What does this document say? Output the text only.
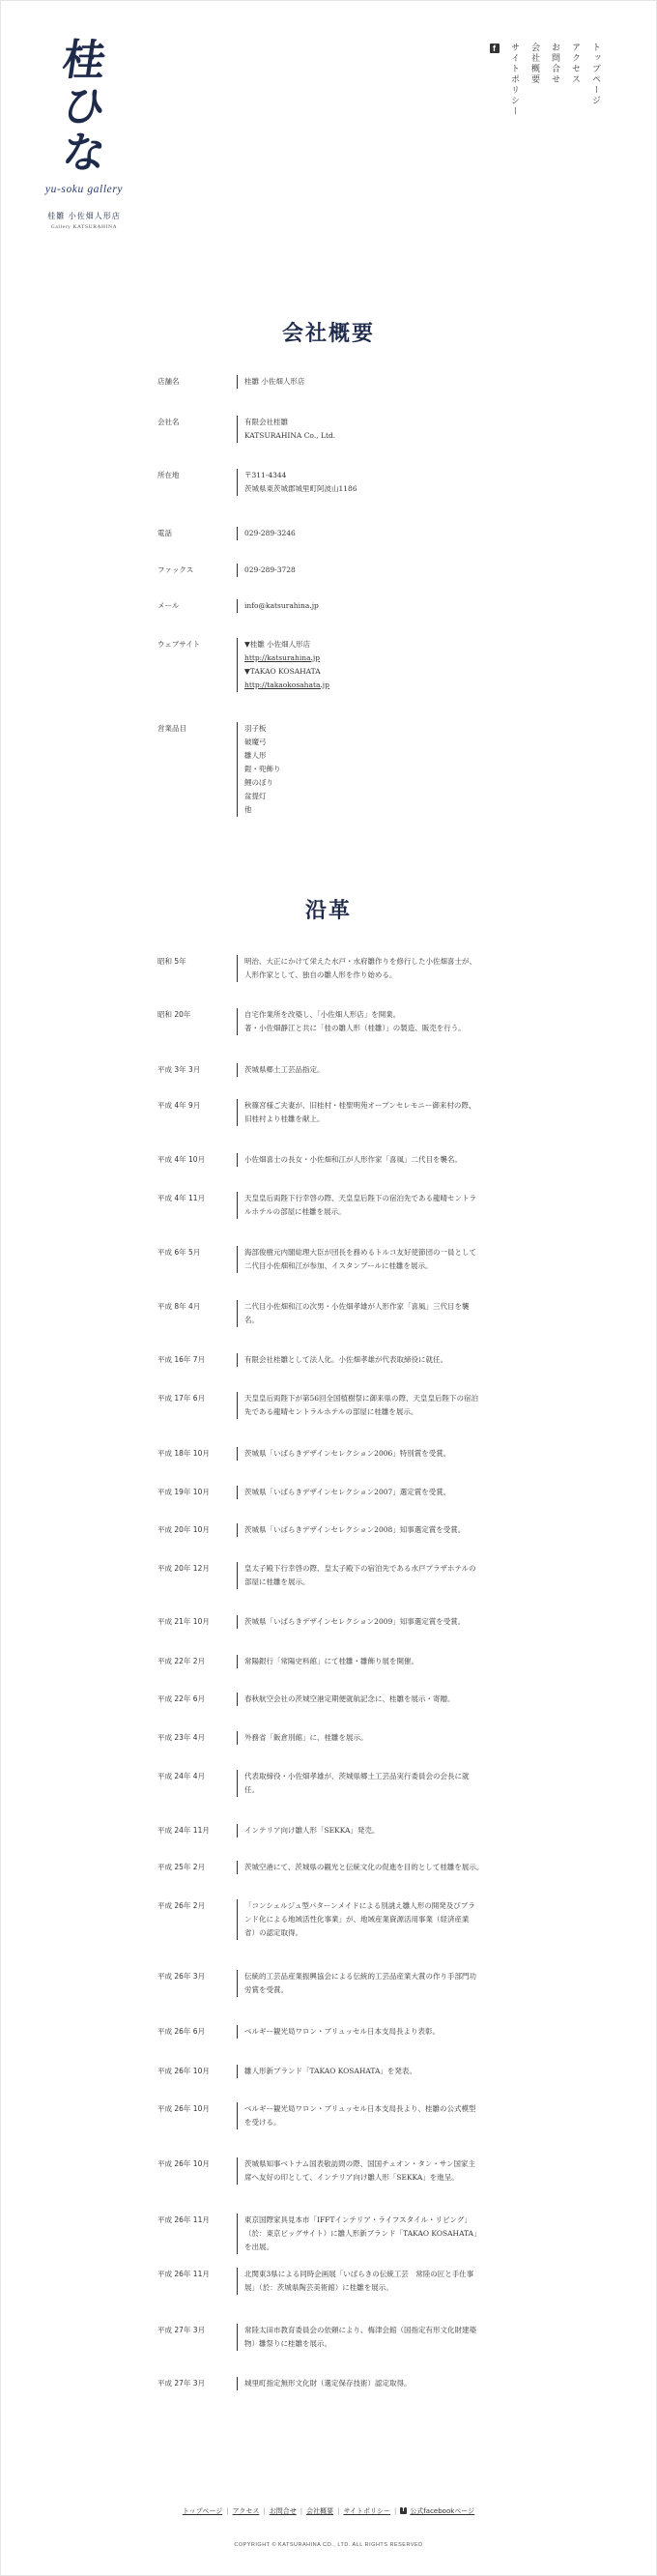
桂
ひ
な
yu-soku gallery
桂雛 小佐畑人形店
Gallery KATSURAHINA
トップページ
アクセス
お問合せ
会社概要
サイトポリシー
f
会社概要
店舗名	桂雛 小佐畑人形店
会社名	有限会社桂雛
KATSURAHINA Co., Ltd.
所在地	〒311-4344
茨城県東茨城郡城里町阿波山1186
電話	029-289-3246
ファックス	029-289-3728
メール	info@katsurahina.jp
ウェブサイト	▼桂雛 小佐畑人形店
http://katsurahina.jp
▼TAKAO KOSAHATA
http://takaokosahata.jp
営業品目	羽子板
破魔弓
雛人形
鎧・兜飾り
鯉のぼり
盆提灯
他
沿革
昭和 5年	明治、大正にかけて栄えた水戸・水府雛作りを修行した小佐畑喜士が、
人形作家として、独自の雛人形を作り始める。
昭和 20年	自宅作業所を改築し、「小佐畑人形店」を開業。
著・小佐畑静江と共に「桂の雛人形（桂雛）」の製造、販売を行う。
平成 3年 3月	茨城県郷土工芸品指定。
平成 4年 9月	秋篠宮様ご夫妻が、旧桂村・桂聖明苑オープンセレモニー御来村の際、
旧桂村より桂雛を献上。
平成 4年 10月	小佐畑喜士の長女・小佐畑和江が人形作家「喜風」二代目を襲名。
平成 4年 11月	天皇皇后両陛下行幸啓の際、天皇皇后陛下の宿泊先である龍晴セントラ
ルホテルの部屋に桂雛を展示。
平成 6年 5月	海部俊樹元内閣総理大臣が団長を務めるトルコ友好使節団の一員として
二代目小佐畑和江が参加、イスタンブールに桂雛を展示。
平成 8年 4月	二代目小佐畑和江の次男・小佐畑孝雄が人形作家「喜風」三代目を襲
名。
平成 16年 7月	有限会社桂雛として法人化。小佐畑孝雄が代表取締役に就任。
平成 17年 6月	天皇皇后両陛下が第56回全国植樹祭に御来県の際、天皇皇后陛下の宿泊
先である龍晴セントラルホテルの部屋に桂雛を展示。
平成 18年 10月	茨城県「いばらきデザインセレクション2006」特別賞を受賞。
平成 19年 10月	茨城県「いばらきデザインセレクション2007」選定賞を受賞。
平成 20年 10月	茨城県「いばらきデザインセレクション2008」知事選定賞を受賞。
平成 20年 12月	皇太子殿下行幸啓の際、皇太子殿下の宿泊先である水戸プラザホテルの
部屋に桂雛を展示。
平成 21年 10月	茨城県「いばらきデザインセレクション2009」知事選定賞を受賞。
平成 22年 2月	常陽銀行「常陽史料館」にて桂雛・雛飾り展を開催。
平成 22年 6月	春秋航空会社の茨城空港定期便就航記念に、桂雛を展示・寄贈。
平成 23年 4月	外務省「飯倉別館」に、桂雛を展示。
平成 24年 4月	代表取締役・小佐畑孝雄が、茨城県郷土工芸品実行委員会の会長に就
任。
平成 24年 11月	インテリア向け雛人形「SEKKA」発売。
平成 25年 2月	茨城空港にて、茨城県の観光と伝統文化の促進を目的として桂雛を展示。
平成 26年 2月	「コンシェルジュ型パターンメイドによる別誂え雛人形の開発及びブラ
ンド化による地域活性化事業」が、地域産業資源活用事業（経済産業
省）の認定取得。
平成 26年 3月	伝統的工芸品産業振興協会による伝統的工芸品産業大賞の作り手部門功
労賞を受賞。
平成 26年 6月	ベルギー観光局ワロン・ブリュッセル日本支局長より表彰。
平成 26年 10月	雛人形新ブランド「TAKAO KOSAHATA」を発表。
平成 26年 10月	ベルギー観光局ワロン・ブリュッセル日本支局長より、桂雛の公式模型
を受ける。
平成 26年 10月	茨城県知事ベトナム国表敬訪問の際、国国チュオン・タン・サン国家主
席へ友好の印として、インテリア向け雛人形「SEKKA」を進呈。
平成 26年 11月	東京国際家具見本市「IFFTインテリア・ライフスタイル・リビング」
（於：東京ビッグサイト）に雛人形新ブランド「TAKAO KOSAHATA」
を出展。
平成 26年 11月	北関東3県による同時企画展「いばらきの伝統工芸　常陸の匠と手仕事
展」（於：茨城県陶芸美術館）に桂雛を展示。
平成 27年 3月	常陸太田市教育委員会の依頼により、梅津会館（国指定有形文化財建築
物）雛祭りに桂雛を展示。
平成 27年 3月	城里町指定無形文化財（選定保存技術）認定取得。
トップページ | アクセス | お問合せ | 会社概要 | サイトポリシー |
f 公式facebookページ
COPYRIGHT © KATSURAHINA CO., LTD. ALL RIGHTS RESERVED
